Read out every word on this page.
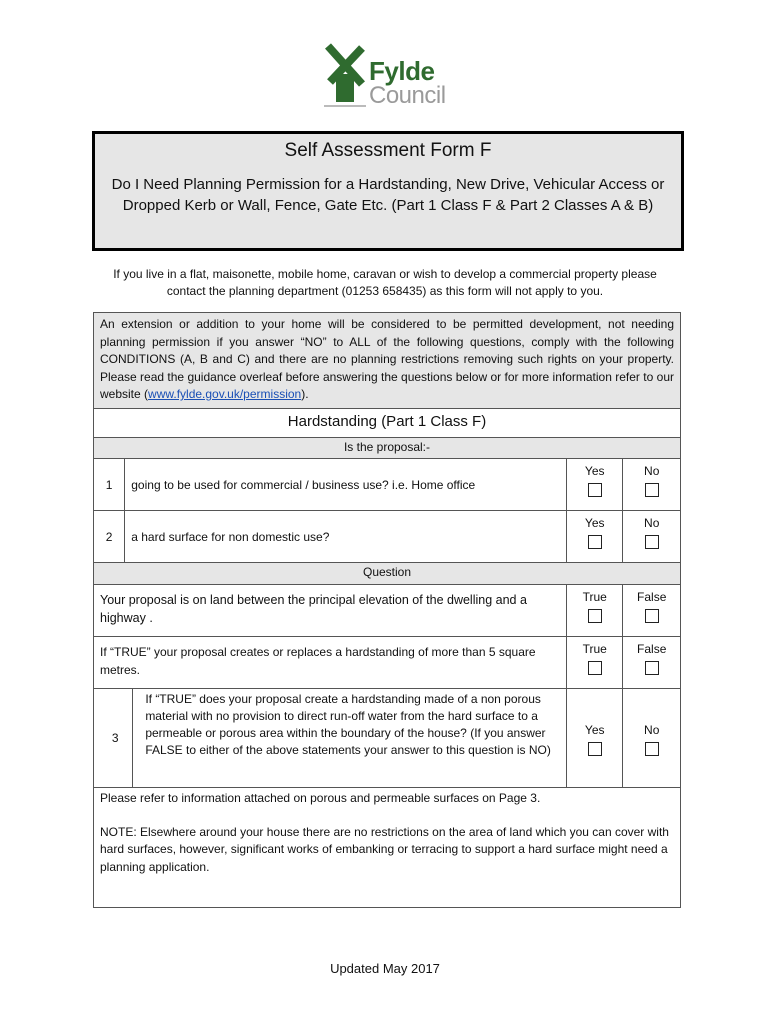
Fylde
Council
Self Assessment Form F
Do I Need Planning Permission for a Hardstanding, New Drive, Vehicular Access or Dropped Kerb or Wall, Fence, Gate Etc. (Part 1 Class F & Part 2 Classes A & B)
If you live in a flat, maisonette, mobile home, caravan or wish to develop a commercial property please contact the planning department (01253 658435) as this form will not apply to you.
An extension or addition to your home will be considered to be permitted development, not needing planning permission if you answer “NO” to ALL of the following questions, comply with the following CONDITIONS (A, B and C) and there are no planning restrictions removing such rights on your property. Please read the guidance overleaf before answering the questions below or for more information refer to our website (www.fylde.gov.uk/permission).				
Hardstanding (Part 1 Class F)				
Is the proposal:-				
1	going to be used for commercial / business use? i.e. Home office		Yes	No

2	a hard surface for non domestic use?		Yes	No

Question				
Your proposal is on land between the principal elevation of the dwelling and a highway .			True	False

If “TRUE” your proposal creates or replaces a hardstanding of more than 5 square metres.			True	False

3		If “TRUE” does your proposal create a hardstanding made of a non porous material with no provision to direct run-off water from the hard surface to a permeable or porous area within the boundary of the house? (If you answer FALSE to either of the above statements your answer to this question is NO)	Yes	No

Please refer to information attached on porous and permeable surfaces on Page 3.
NOTE: Elsewhere around your house there are no restrictions on the area of land which you can cover with hard surfaces, however, significant works of embanking or terracing to support a hard surface might need a planning application.				
Updated May 2017
